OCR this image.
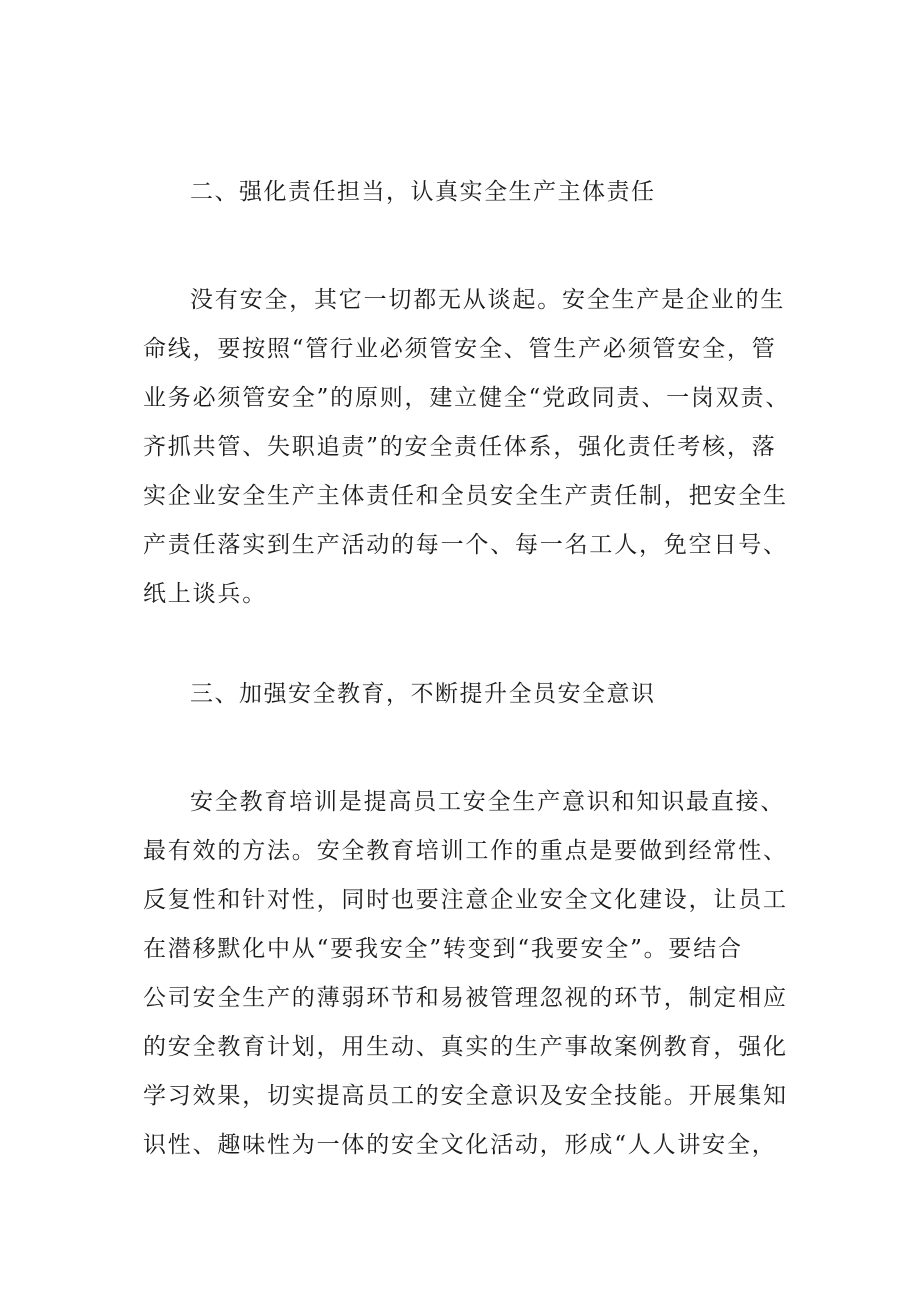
二、强化责任担当，认真实全生产主体责任
没有安全，其它一切都无从谈起。安全生产是企业的生
命线，要按照“管行业必须管安全、管生产必须管安全，管
业务必须管安全”的原则，建立健全“党政同责、一岗双责、
齐抓共管、失职追责”的安全责任体系，强化责任考核，落
实企业安全生产主体责任和全员安全生产责任制，把安全生
产责任落实到生产活动的每一个、每一名工人，免空日号、
纸上谈兵。
三、加强安全教育，不断提升全员安全意识
安全教育培训是提高员工安全生产意识和知识最直接、
最有效的方法。安全教育培训工作的重点是要做到经常性、
反复性和针对性，同时也要注意企业安全文化建设，让员工
在潜移默化中从“要我安全”转变到“我要安全”。要结合
公司安全生产的薄弱环节和易被管理忽视的环节，制定相应
的安全教育计划，用生动、真实的生产事故案例教育，强化
学习效果，切实提高员工的安全意识及安全技能。开展集知
识性、趣味性为一体的安全文化活动，形成“人人讲安全，
